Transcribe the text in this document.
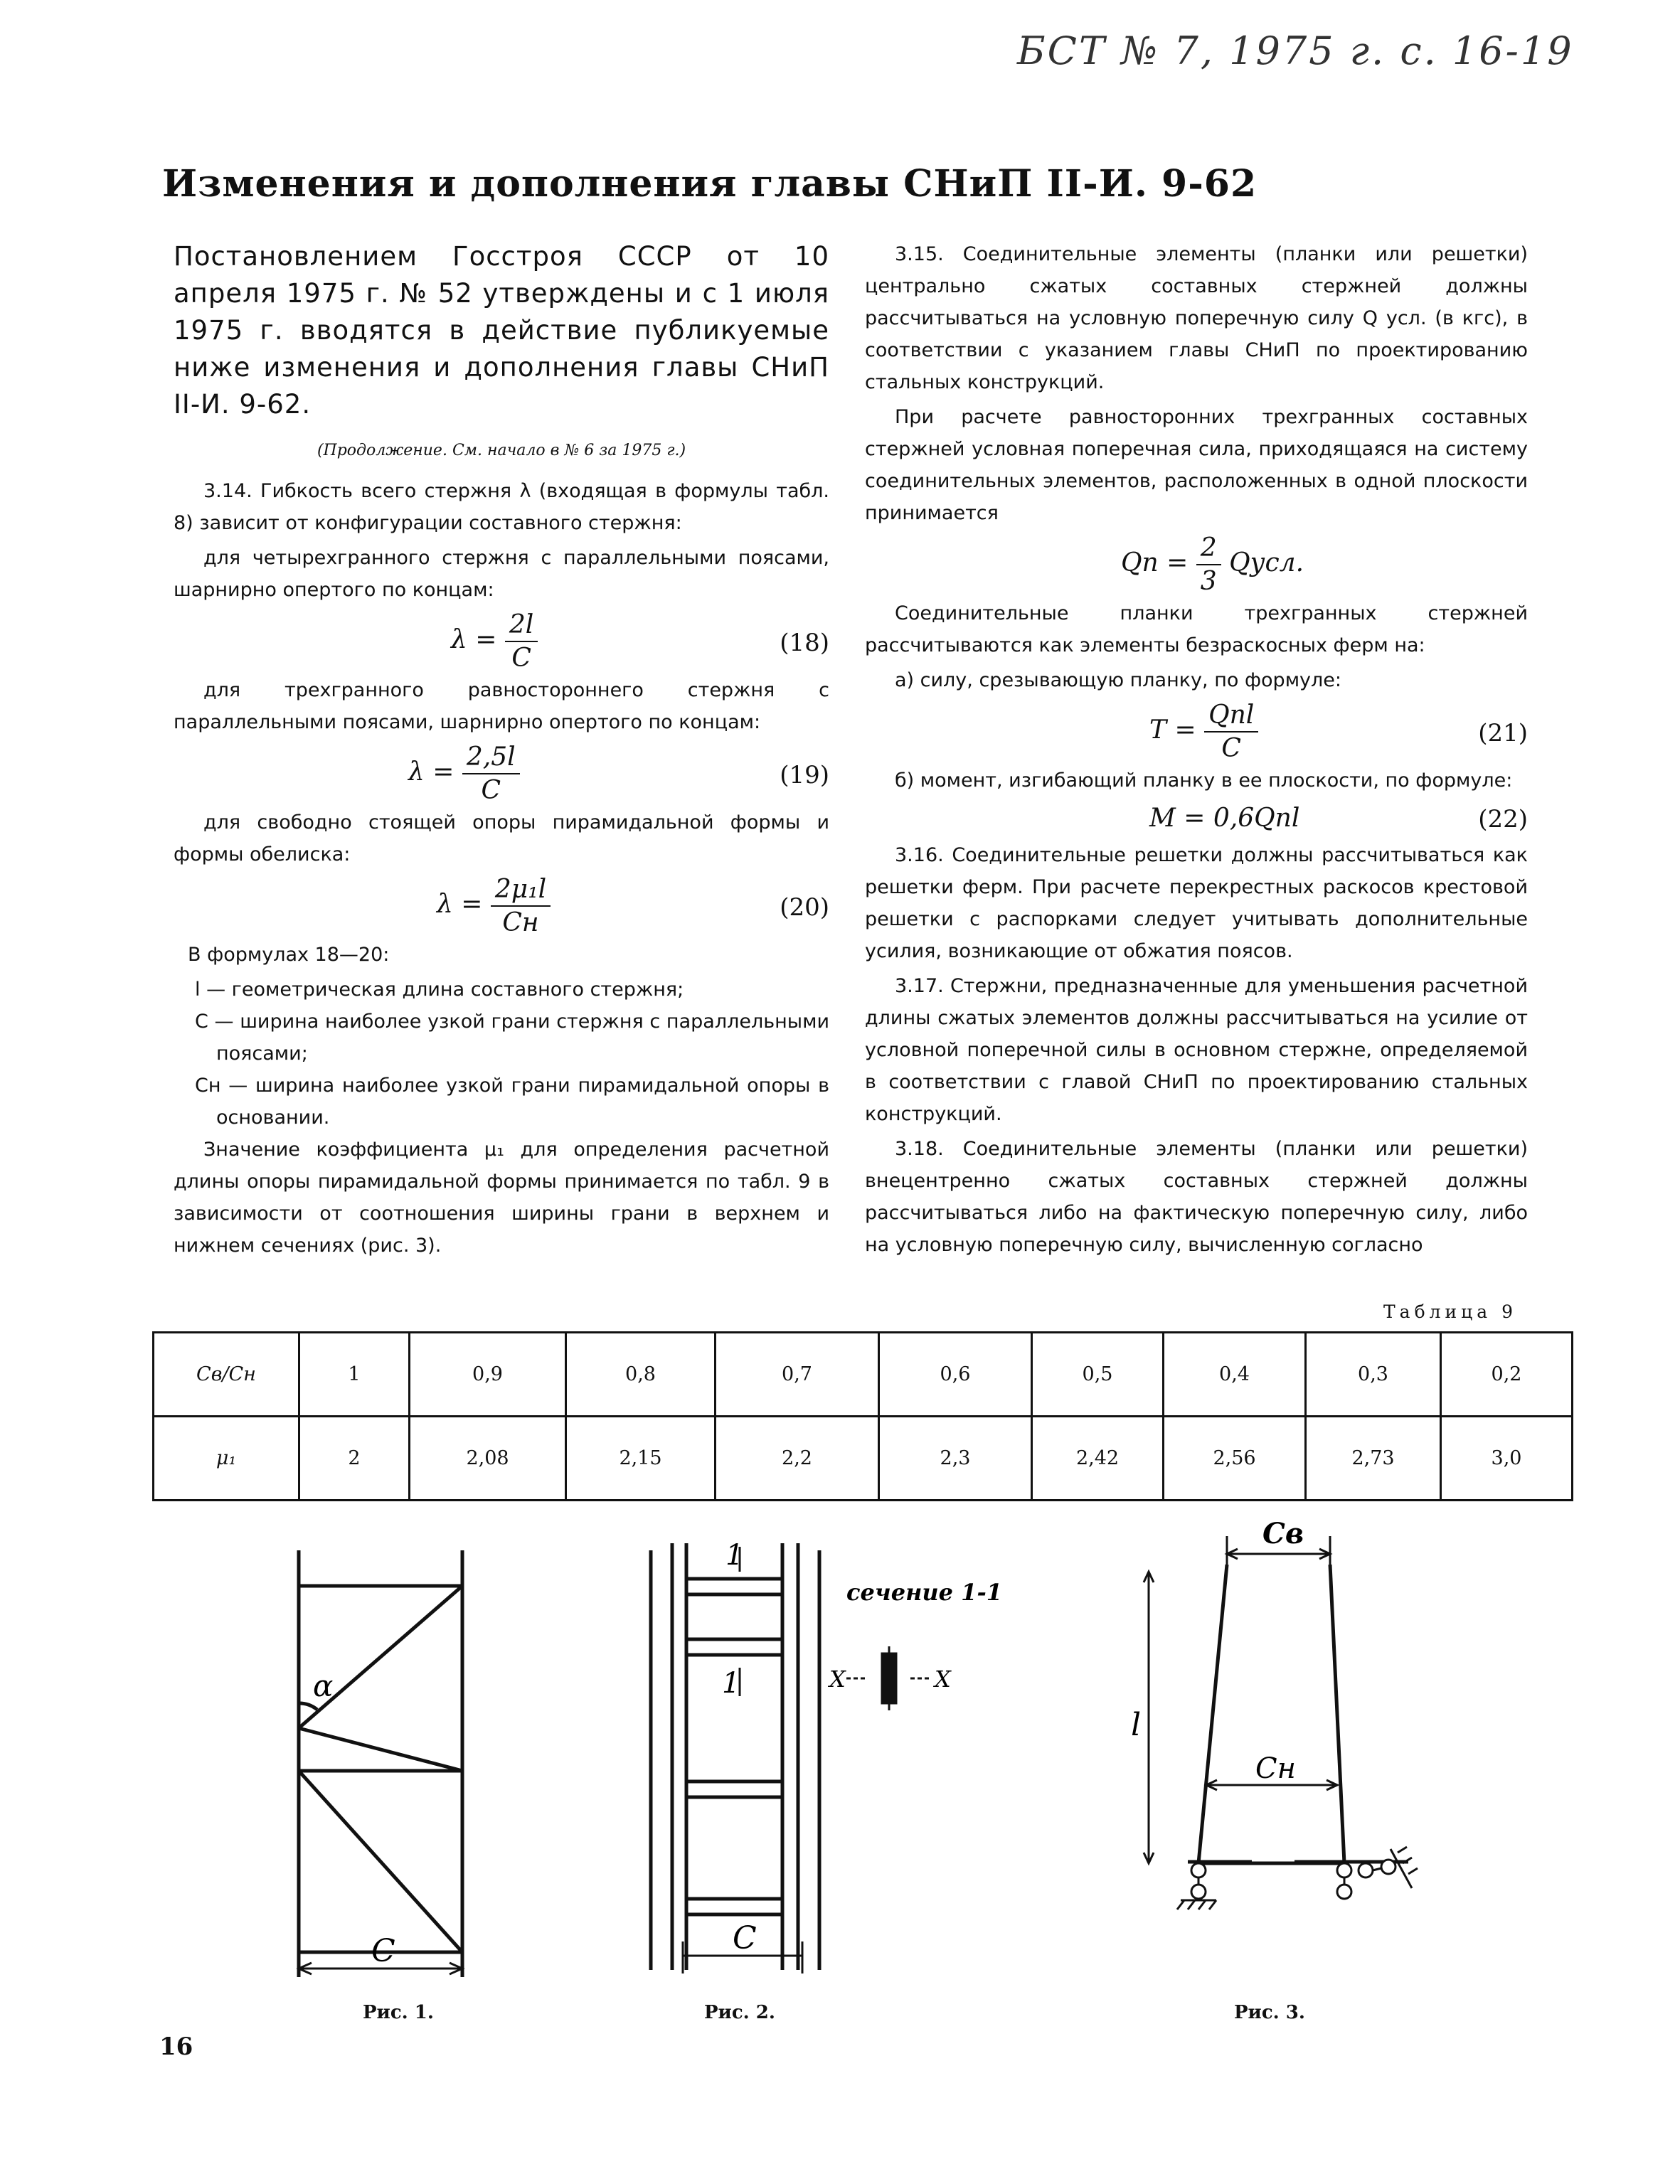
БСТ № 7, 1975 г. с. 16-19
Изменения и дополнения главы СНиП II-И. 9-62
Постановлением Госстроя СССР от 10 апреля 1975 г. № 52 утверждены и с 1 июля 1975 г. вводятся в действие публикуемые ниже изменения и дополнения главы СНиП II-И. 9-62.
(Продолжение. См. начало в № 6 за 1975 г.)

3.14. Гибкость всего стержня λ (входящая в формулы табл. 8) зависит от конфигурации составного стержня:

для четырехгранного стержня с параллельными поясами, шарнирно опертого по концам:

$\lambda = \frac{2l}{C}$	(18)

для трехгранного равностороннего стержня с параллельными поясами, шарнирно опертого по концам:

$\lambda = \frac{2,5l}{C}$	(19)

для свободно стоящей опоры пирамидальной формы и формы обелиска:

$\lambda = \frac{\text{2μ₁l}}{Cн}$	(20)

В формулах 18—20:

l — геометрическая длина составного стержня;
C — ширина наиболее узкой грани стержня с параллельными поясами;
Cн — ширина наиболее узкой грани пирамидальной опоры в основании.

Значение коэффициента μ₁ для определения расчетной длины опоры пирамидальной формы принимается по табл. 9 в зависимости от соотношения ширины грани в верхнем и нижнем сечениях (рис. 3).

3.15. Соединительные элементы (планки или решетки) центрально сжатых составных стержней должны рассчитываться на условную поперечную силу Q усл. (в кгс), в соответствии с указанием главы СНиП по проектированию стальных конструкций.

При расчете равносторонних трехгранных составных стержней условная поперечная сила, приходящаяся на систему соединительных элементов, расположенных в одной плоскости принимается

Qп = $\frac{2}{3}$ Qусл.

Соединительные планки трехгранных стержней рассчитываются как элементы безраскосных ферм на:

а) силу, срезывающую планку, по формуле:

$T = \frac{\text{Qпl}}{C}$	(21)

б) момент, изгибающий планку в ее плоскости, по формуле:

M = 0,6Qпl	(22)

3.16. Соединительные решетки должны рассчитываться как решетки ферм. При расчете перекрестных раскосов крестовой решетки с распорками следует учитывать дополнительные усилия, возникающие от обжатия поясов.

3.17. Стержни, предназначенные для уменьшения расчетной длины сжатых элементов должны рассчитываться на усилие от условной поперечной силы в основном стержне, определяемой в соответствии с главой СНиП по проектированию стальных конструкций.

3.18. Соединительные элементы (планки или решетки) внецентренно сжатых составных стержней должны рассчитываться либо на фактическую поперечную силу, либо на условную поперечную силу, вычисленную согласно

Таблица 9
Cв/Cн	1	0,9	0,8	0,7	0,6	0,5	0,4	0,3	0,2
μ₁	2	2,08	2,15	2,2	2,3	2,42	2,56	2,73	3,0
α
C
Рис. 1.
1
1
сечение 1-1
X	X
C
Рис. 2.
Cв
Cн
l
Рис. 3.
16
